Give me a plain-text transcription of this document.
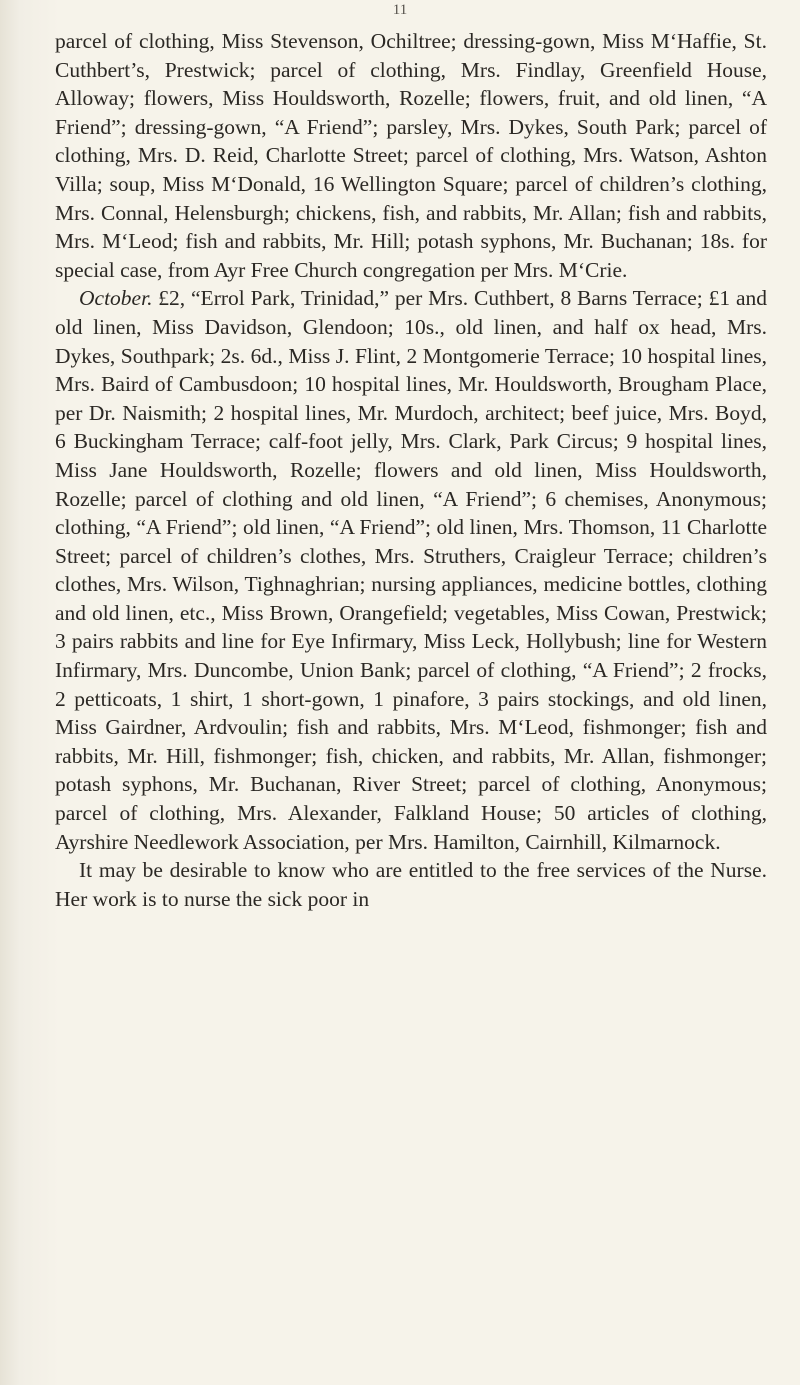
11

parcel of clothing, Miss Stevenson, Ochiltree; dressing-gown, Miss M‘Haffie, St. Cuthbert’s, Prestwick; parcel of clothing, Mrs. Findlay, Greenfield House, Alloway; flowers, Miss Houldsworth, Rozelle; flowers, fruit, and old linen, “A Friend”; dressing-gown, “A Friend”; parsley, Mrs. Dykes, South Park; parcel of clothing, Mrs. D. Reid, Charlotte Street; parcel of clothing, Mrs. Watson, Ashton Villa; soup, Miss M‘Donald, 16 Wellington Square; parcel of children’s clothing, Mrs. Connal, Helensburgh; chickens, fish, and rabbits, Mr. Allan; fish and rabbits, Mrs. M‘Leod; fish and rabbits, Mr. Hill; potash syphons, Mr. Buchanan; 18s. for special case, from Ayr Free Church congregation per Mrs. M‘Crie.

October. £2, “Errol Park, Trinidad,” per Mrs. Cuthbert, 8 Barns Terrace; £1 and old linen, Miss Davidson, Glendoon; 10s., old linen, and half ox head, Mrs. Dykes, Southpark; 2s. 6d., Miss J. Flint, 2 Montgomerie Terrace; 10 hospital lines, Mrs. Baird of Cambusdoon; 10 hospital lines, Mr. Houldsworth, Brougham Place, per Dr. Naismith; 2 hospital lines, Mr. Murdoch, architect; beef juice, Mrs. Boyd, 6 Buckingham Terrace; calf-foot jelly, Mrs. Clark, Park Circus; 9 hospital lines, Miss Jane Houldsworth, Rozelle; flowers and old linen, Miss Houldsworth, Rozelle; parcel of clothing and old linen, “A Friend”; 6 chemises, Anonymous; clothing, “A Friend”; old linen, “A Friend”; old linen, Mrs. Thomson, 11 Charlotte Street; parcel of children’s clothes, Mrs. Struthers, Craigleur Terrace; children’s clothes, Mrs. Wilson, Tighnaghrian; nursing appliances, medicine bottles, clothing and old linen, etc., Miss Brown, Orangefield; vegetables, Miss Cowan, Prestwick; 3 pairs rabbits and line for Eye Infirmary, Miss Leck, Hollybush; line for Western Infirmary, Mrs. Duncombe, Union Bank; parcel of clothing, “A Friend”; 2 frocks, 2 petticoats, 1 shirt, 1 short-gown, 1 pinafore, 3 pairs stockings, and old linen, Miss Gairdner, Ardvoulin; fish and rabbits, Mrs. M‘Leod, fishmonger; fish and rabbits, Mr. Hill, fishmonger; fish, chicken, and rabbits, Mr. Allan, fishmonger; potash syphons, Mr. Buchanan, River Street; parcel of clothing, Anonymous; parcel of clothing, Mrs. Alexander, Falkland House; 50 articles of clothing, Ayrshire Needlework Association, per Mrs. Hamilton, Cairnhill, Kilmarnock.

It may be desirable to know who are entitled to the free services of the Nurse. Her work is to nurse the sick poor in
